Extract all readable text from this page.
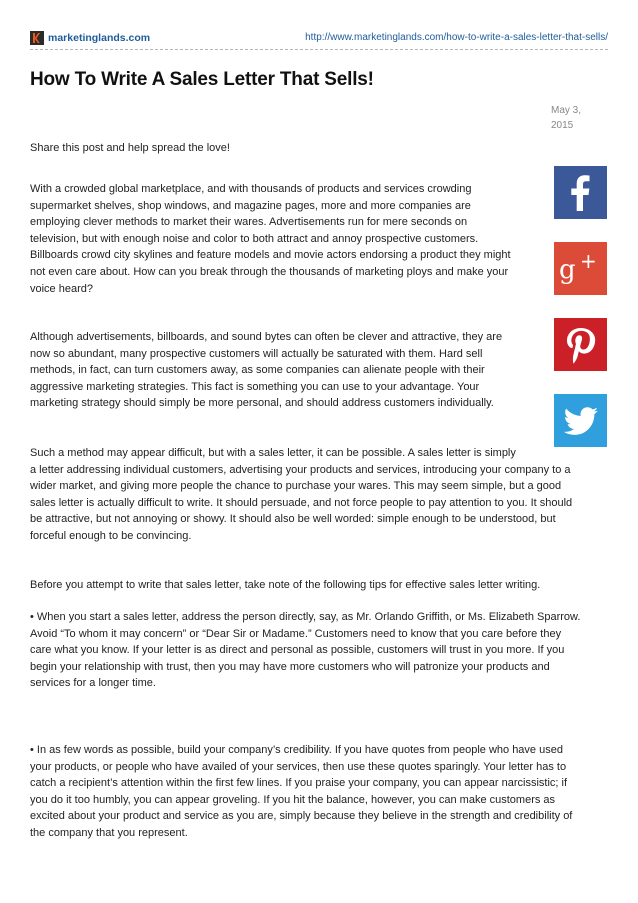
marketinglands.com	http://www.marketinglands.com/how-to-write-a-sales-letter-that-sells/
How To Write A Sales Letter That Sells!
May 3,
2015

Share this post and help spread the love!

With a crowded global marketplace, and with thousands of products and services crowding
supermarket shelves, shop windows, and magazine pages, more and more companies are
employing clever methods to market their wares. Advertisements run for mere seconds on
television, but with enough noise and color to both attract and annoy prospective customers.
Billboards crowd city skylines and feature models and movie actors endorsing a product they might
not even care about. How can you break through the thousands of marketing ploys and make your
voice heard?

Although advertisements, billboards, and sound bytes can often be clever and attractive, they are
now so abundant, many prospective customers will actually be saturated with them. Hard sell
methods, in fact, can turn customers away, as some companies can alienate people with their
aggressive marketing strategies. This fact is something you can use to your advantage. Your
marketing strategy should simply be more personal, and should address customers individually.

Such a method may appear difficult, but with a sales letter, it can be possible. A sales letter is simply
a letter addressing individual customers, advertising your products and services, introducing your company to a
wider market, and giving more people the chance to purchase your wares. This may seem simple, but a good
sales letter is actually difficult to write. It should persuade, and not force people to pay attention to you. It should
be attractive, but not annoying or showy. It should also be well worded: simple enough to be understood, but
forceful enough to be convincing.

Before you attempt to write that sales letter, take note of the following tips for effective sales letter writing.

• When you start a sales letter, address the person directly, say, as Mr. Orlando Griffith, or Ms. Elizabeth Sparrow.
Avoid “To whom it may concern” or “Dear Sir or Madame.” Customers need to know that you care before they
care what you know. If your letter is as direct and personal as possible, customers will trust in you more. If you
begin your relationship with trust, then you may have more customers who will patronize your products and
services for a longer time.

• In as few words as possible, build your company’s credibility. If you have quotes from people who have used
your products, or people who have availed of your services, then use these quotes sparingly. Your letter has to
catch a recipient’s attention within the first few lines. If you praise your company, you can appear narcissistic; if
you do it too humbly, you can appear groveling. If you hit the balance, however, you can make customers as
excited about your product and service as you are, simply because they believe in the strength and credibility of
the company that you represent.

g +
